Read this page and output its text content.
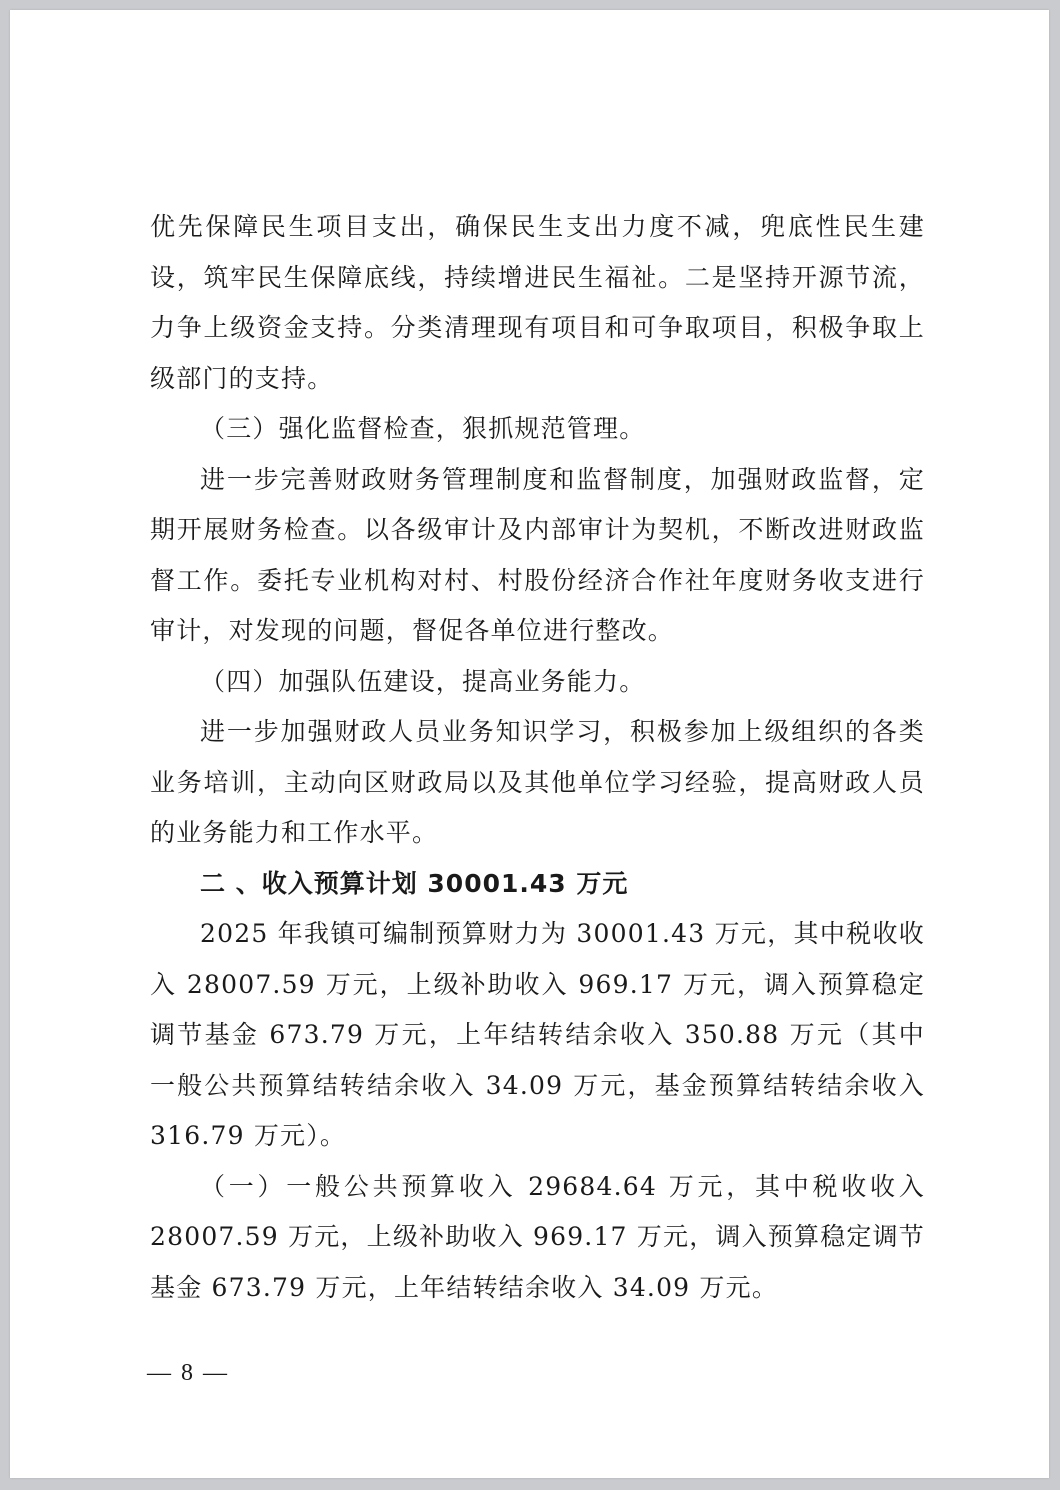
优先保障民生项目支出，确保民生支出力度不减，兜底性民生建设，筑牢民生保障底线，持续增进民生福祉。二是坚持开源节流，力争上级资金支持。分类清理现有项目和可争取项目，积极争取上级部门的支持。

（三）强化监督检查，狠抓规范管理。

进一步完善财政财务管理制度和监督制度，加强财政监督，定期开展财务检查。以各级审计及内部审计为契机，不断改进财政监督工作。委托专业机构对村、村股份经济合作社年度财务收支进行审计，对发现的问题，督促各单位进行整改。

（四）加强队伍建设，提高业务能力。

进一步加强财政人员业务知识学习，积极参加上级组织的各类业务培训，主动向区财政局以及其他单位学习经验，提高财政人员的业务能力和工作水平。

二 、收入预算计划 30001.43 万元

2025 年我镇可编制预算财力为 30001.43 万元，其中税收收入 28007.59 万元，上级补助收入 969.17 万元，调入预算稳定调节基金 673.79 万元，上年结转结余收入 350.88 万元（其中一般公共预算结转结余收入 34.09 万元，基金预算结转结余收入 316.79 万元）。

（一）一般公共预算收入 29684.64 万元，其中税收收入 28007.59 万元，上级补助收入 969.17 万元，调入预算稳定调节基金 673.79 万元，上年结转结余收入 34.09 万元。

— 8 —
